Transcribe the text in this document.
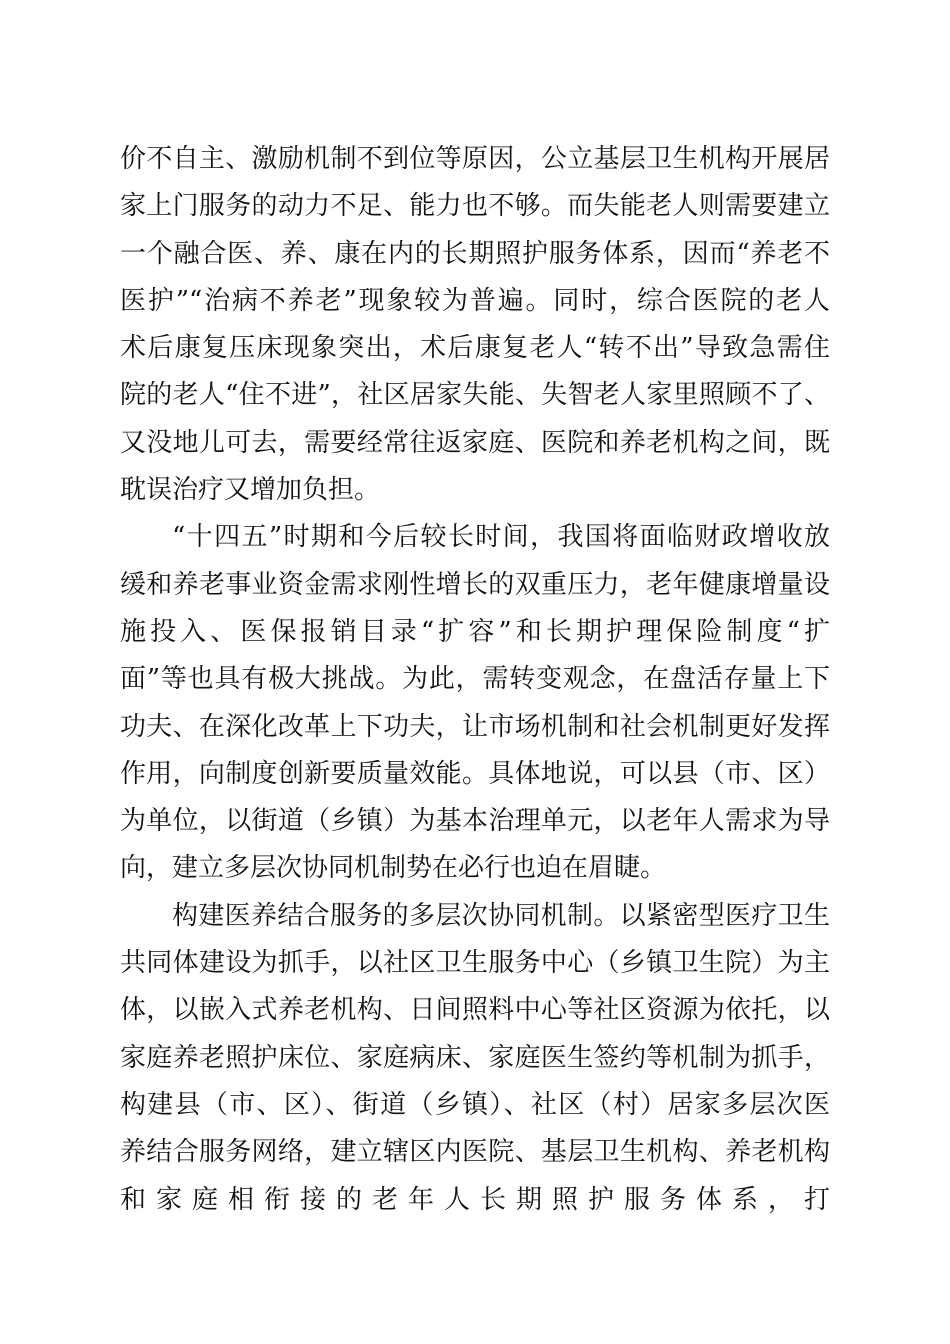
价不自主、激励机制不到位等原因，公立基层卫生机构开展居
家上门服务的动力不足、能力也不够。而失能老人则需要建立
一个融合医、养、康在内的长期照护服务体系，因而“养老不
医护”“治病不养老”现象较为普遍。同时，综合医院的老人
术后康复压床现象突出，术后康复老人“转不出”导致急需住
院的老人“住不进”，社区居家失能、失智老人家里照顾不了、
又没地儿可去，需要经常往返家庭、医院和养老机构之间，既
耽误治疗又增加负担。
“十四五”时期和今后较长时间，我国将面临财政增收放
缓和养老事业资金需求刚性增长的双重压力，老年健康增量设
施投入、医保报销目录“扩容”和长期护理保险制度“扩
面”等也具有极大挑战。为此，需转变观念，在盘活存量上下
功夫、在深化改革上下功夫，让市场机制和社会机制更好发挥
作用，向制度创新要质量效能。具体地说，可以县（市、区）
为单位，以街道（乡镇）为基本治理单元，以老年人需求为导
向，建立多层次协同机制势在必行也迫在眉睫。
构建医养结合服务的多层次协同机制。以紧密型医疗卫生
共同体建设为抓手，以社区卫生服务中心（乡镇卫生院）为主
体，以嵌入式养老机构、日间照料中心等社区资源为依托，以
家庭养老照护床位、家庭病床、家庭医生签约等机制为抓手，
构建县（市、区）、街道（乡镇）、社区（村）居家多层次医
养结合服务网络，建立辖区内医院、基层卫生机构、养老机构
和家庭相衔接的老年人长期照护服务体系，打
